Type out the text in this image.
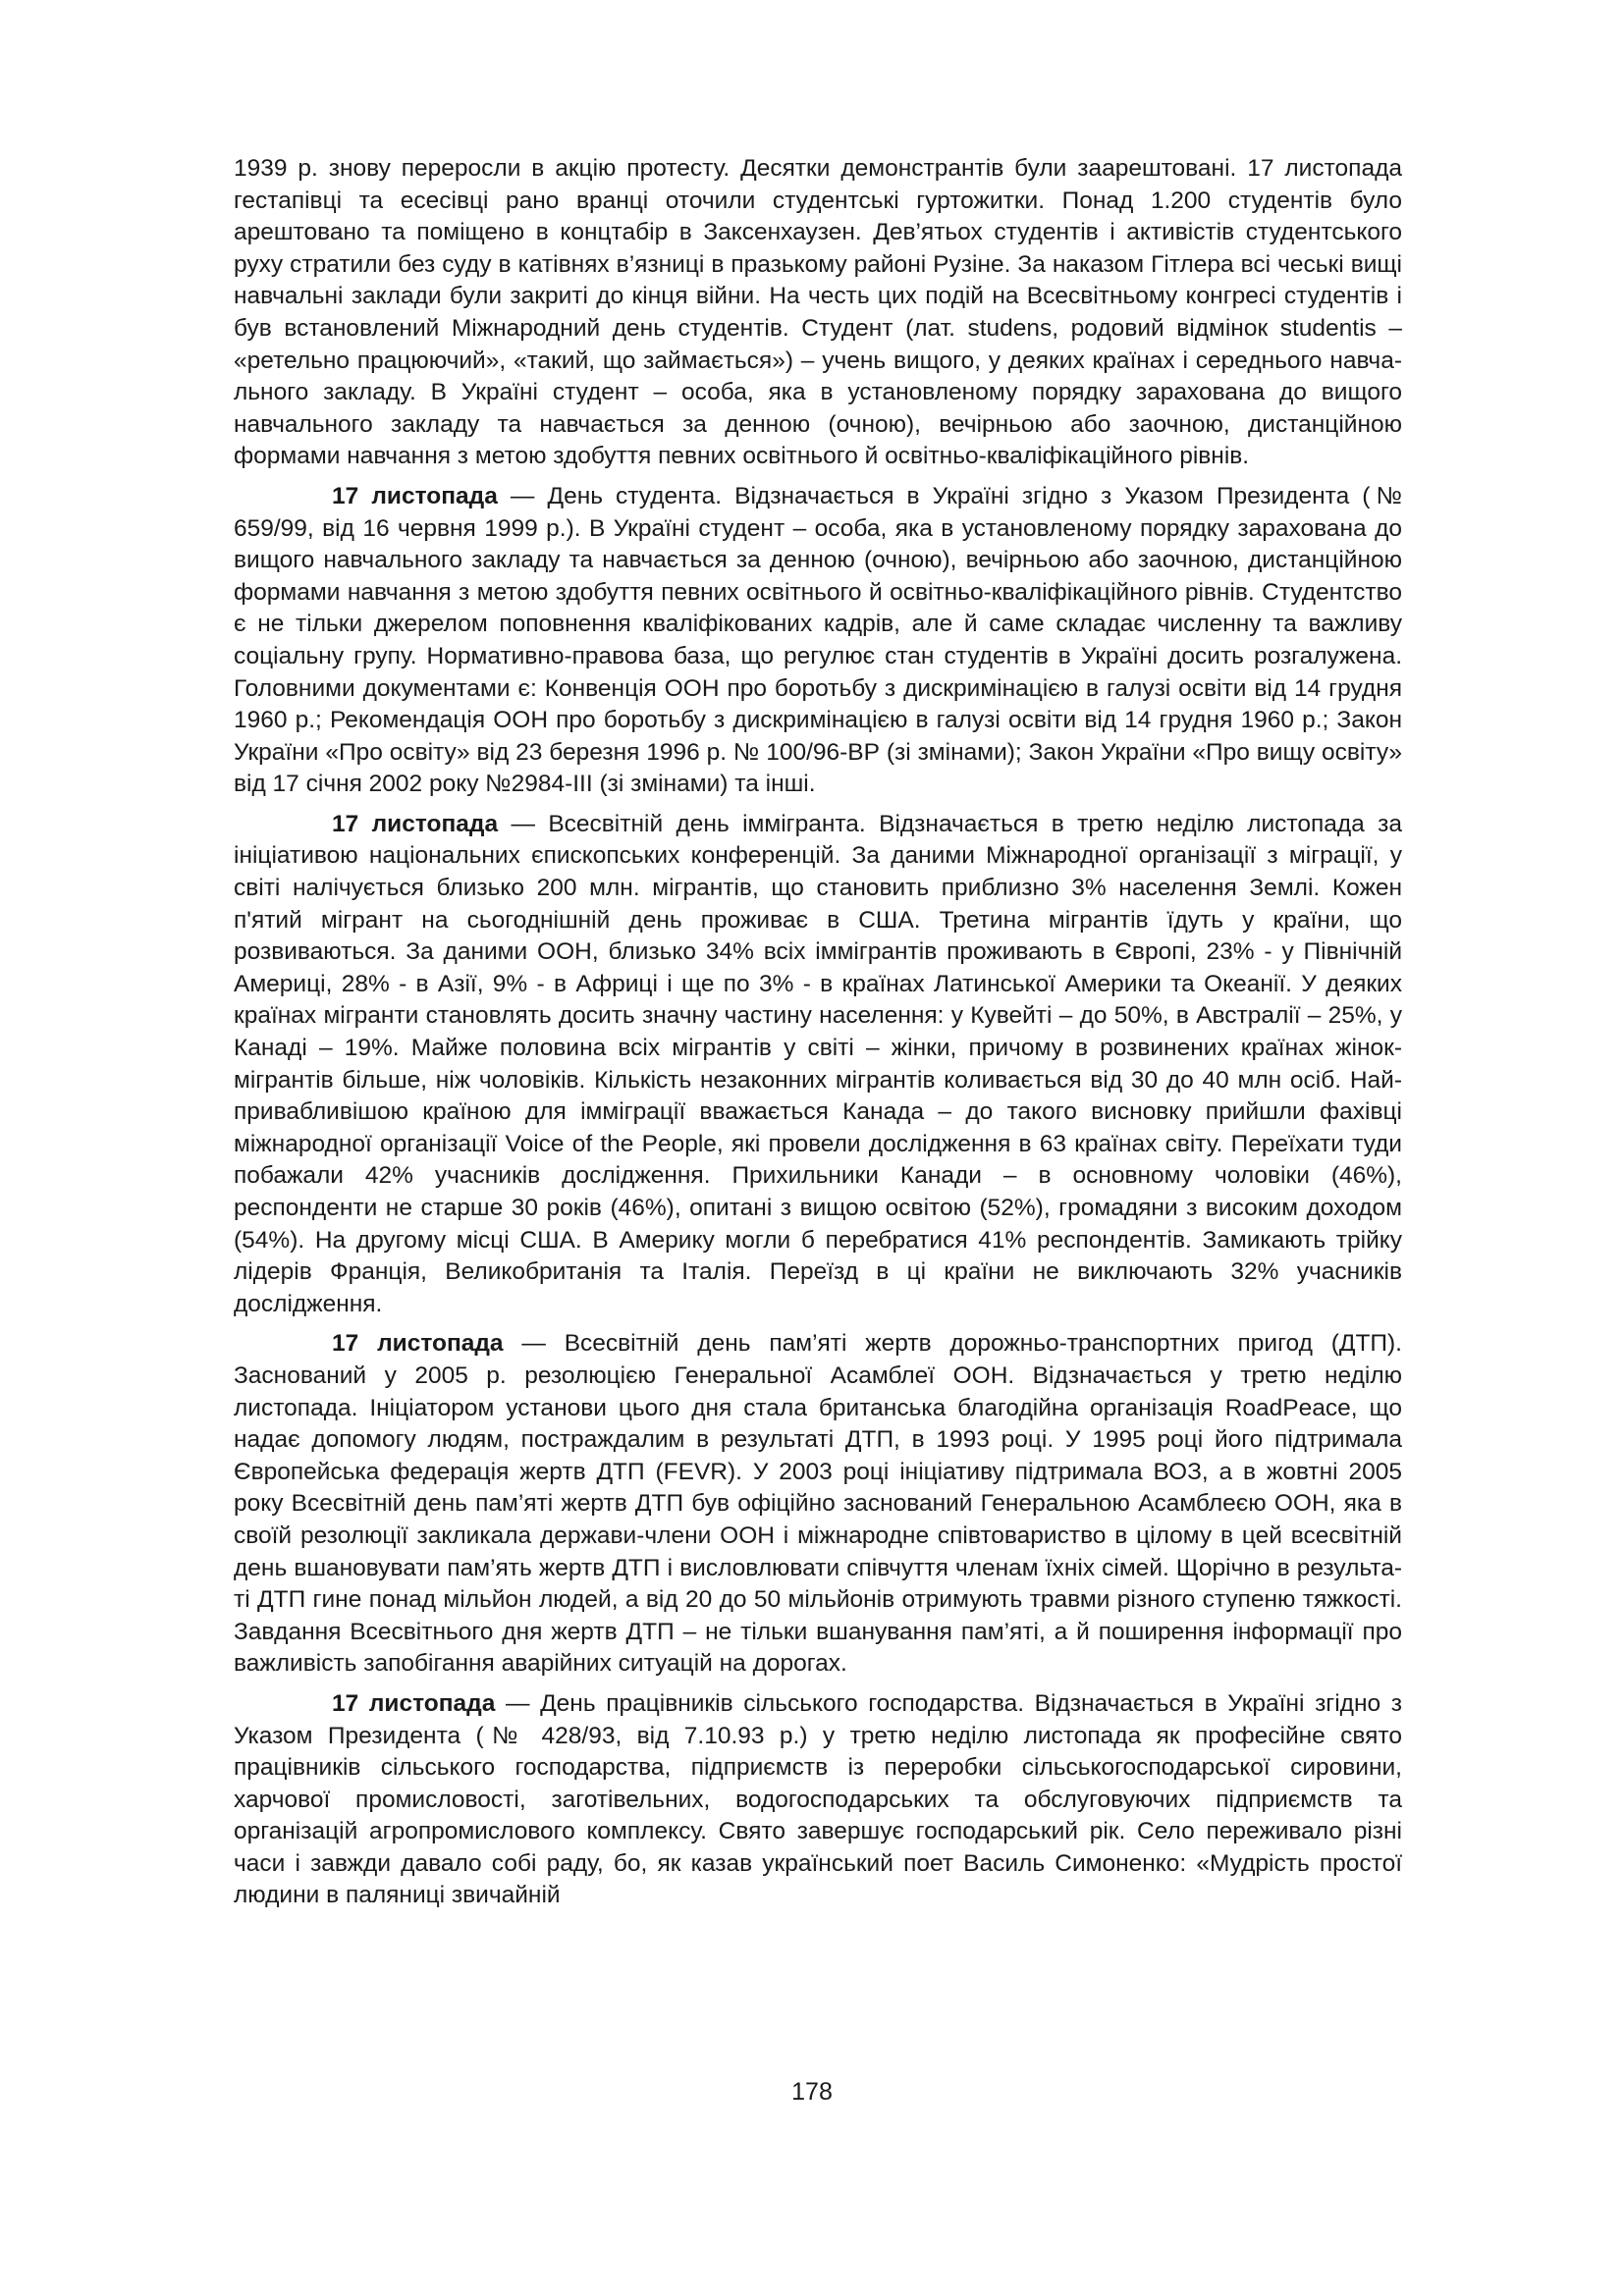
1939 р. знову переросли в акцію протесту. Десятки демонстрантів були заарештовані. 17 листопада гестапівці та есесівці рано вранці оточили студентські гуртожитки. Понад 1.200 студентів було арештовано та поміщено в концтабір в Заксенхаузен. Дев’ятьох студентів і активістів студентського руху стратили без суду в катівнях в’язниці в празькому районі Рузіне. За наказом Гітлера всі чеські вищі навчальні заклади були закриті до кінця війни. На честь цих подій на Всесвітньому конгресі студентів і був встановлений Міжнародний день студентів. Студент (лат. studens, родовий відмінок studentis – «ретельно працюючий», «такий, що займається») – учень вищого, у деяких країнах і середнього навчального закладу. В Україні студент – особа, яка в установленому порядку зарахована до вищого навчального закладу та навчається за денною (очною), вечірньою або заочною, дистанційною формами навчання з метою здобуття певних освітнього й освітньо-кваліфікаційного рівнів.

17 листопада — День студента. Відзначається в Україні згідно з Указом Президента (№ 659/99, від 16 червня 1999 р.). В Україні студент – особа, яка в установленому порядку зарахована до вищого навчального закладу та навчається за денною (очною), вечірньою або заочною, дистанційною формами навчання з метою здобуття певних освітнього й освітньо-кваліфікаційного рівнів. Студентство є не тільки джерелом поповнення кваліфікованих кадрів, але й саме складає численну та важливу соціальну групу. Нормативно-правова база, що регулює стан студентів в Україні досить розгалужена. Головними документами є: Конвенція ООН про боротьбу з дискримінацією в галузі освіти від 14 грудня 1960 р.; Рекомендація ООН про боротьбу з дискримінацією в галузі освіти від 14 грудня 1960 р.; Закон України «Про освіту» від 23 березня 1996 р. № 100/96-ВР (зі змінами); Закон України «Про вищу освіту» від 17 січня 2002 року №2984-III (зі змінами) та інші.

17 листопада — Всесвітній день іммігранта. Відзначається в третю неділю листопада за ініціативою національних єпископських конференцій. За даними Міжнародної організації з міграції, у світі налічується близько 200 млн. мігрантів, що становить приблизно 3% населення Землі. Кожен п'ятий мігрант на сьогоднішній день проживає в США. Третина мігрантів їдуть у країни, що розвиваються. За даними ООН, близько 34% всіх іммігрантів проживають в Європі, 23% - у Північній Америці, 28% - в Азії, 9% - в Африці і ще по 3% - в країнах Латинської Америки та Океанії. У деяких країнах мігранти становлять досить значну частину населення: у Кувейті – до 50%, в Австралії – 25%, у Канаді – 19%. Майже половина всіх мігрантів у світі – жінки, причому в розвинених країнах жінок-мігрантів більше, ніж чоловіків. Кількість незаконних мігрантів коливається від 30 до 40 млн осіб. Найпривабливішою країною для імміграції вважається Канада – до такого висновку прийшли фахівці міжнародної організації Voice of the People, які провели дослідження в 63 країнах світу. Переїхати туди побажали 42% учасників дослідження. Прихильники Канади – в основному чоловіки (46%), респонденти не старше 30 років (46%), опитані з вищою освітою (52%), громадяни з високим доходом (54%). На другому місці США. В Америку могли б перебратися 41% респондентів. Замикають трійку лідерів Франція, Великобританія та Італія. Переїзд в ці країни не виключають 32% учасників дослідження.

17 листопада — Всесвітній день пам’яті жертв дорожньо-транспортних пригод (ДТП). Заснований у 2005 р. резолюцією Генеральної Асамблеї ООН. Відзначається у третю неділю листопада. Ініціатором установи цього дня стала британська благодійна організація RoadPeace, що надає допомогу людям, постраждалим в результаті ДТП, в 1993 році. У 1995 році його підтримала Європейська федерація жертв ДТП (FEVR). У 2003 році ініціативу підтримала ВОЗ, а в жовтні 2005 року Всесвітній день пам’яті жертв ДТП був офіційно заснований Генеральною Асамблеєю ООН, яка в своїй резолюції закликала держави-члени ООН і міжнародне співтовариство в цілому в цей всесвітній день вшановувати пам’ять жертв ДТП і висловлювати співчуття членам їхніх сімей. Щорічно в результаті ДТП гине понад мільйон людей, а від 20 до 50 мільйонів отримують травми різного ступеню тяжкості. Завдання Всесвітнього дня жертв ДТП – не тільки вшанування пам’яті, а й поширення інформації про важливість запобігання аварійних ситуацій на дорогах.

17 листопада — День працівників сільського господарства. Відзначається в Україні згідно з Указом Президента (№ 428/93, від 7.10.93 р.) у третю неділю листопада як професійне свято працівників сільського господарства, підприємств із переробки сільськогосподарської сировини, харчової промисловості, заготівельних, водогосподарських та обслуговуючих підприємств та організацій агропромислового комплексу. Свято завершує господарський рік. Село переживало різні часи і завжди давало собі раду, бо, як казав український поет Василь Симоненко: «Мудрість простої людини в паляниці звичайній

178
